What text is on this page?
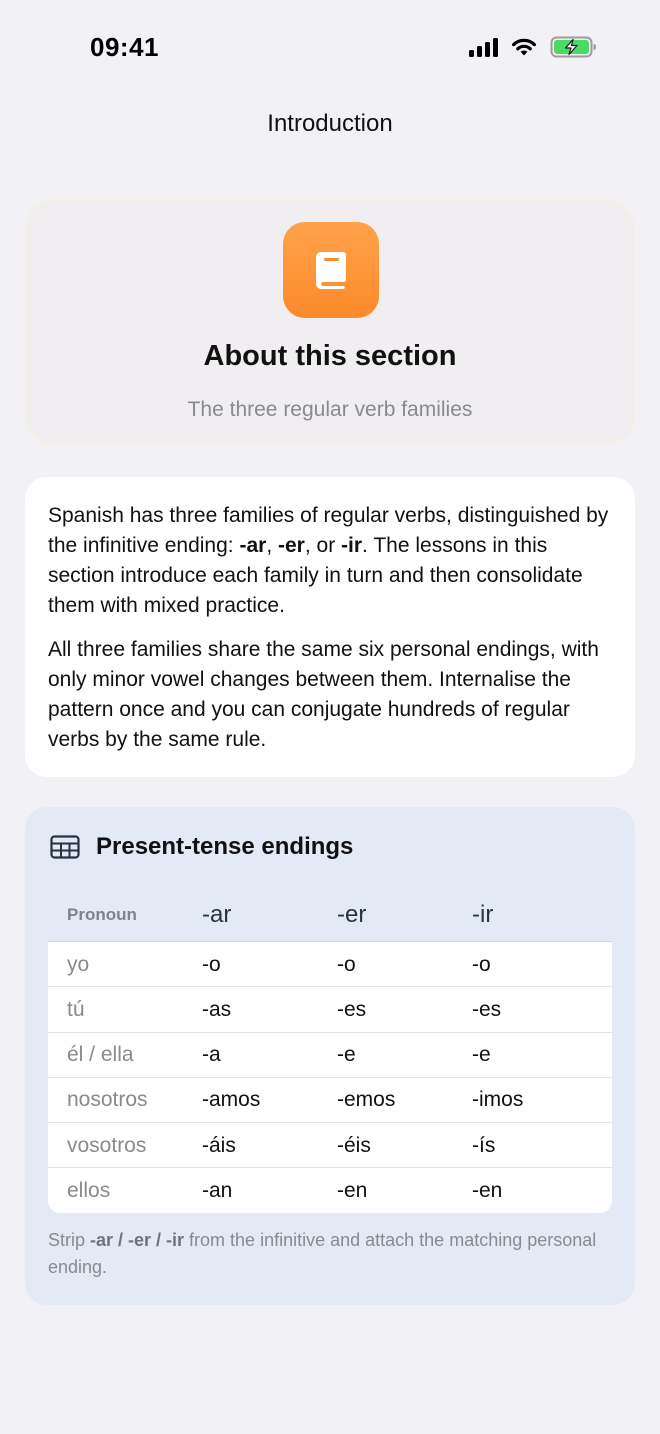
09:41
Introduction
About this section
The three regular verb families

Spanish has three families of regular verbs, distinguished by the infinitive ending: -ar, -er, or -ir. The lessons in this section introduce each family in turn and then consolidate them with mixed practice.

All three families share the same six personal endings, with only minor vowel changes between them. Internalise the pattern once and you can conjugate hundreds of regular verbs by the same rule.

Present-tense endings
Pronoun	-ar	-er	-ir
yo	-o	-o	-o
tú	-as	-es	-es
él / ella	-a	-e	-e
nosotros	-amos	-emos	-imos
vosotros	-áis	-éis	-ís
ellos	-an	-en	-en
Strip -ar / -er / -ir from the infinitive and attach the matching personal ending.
